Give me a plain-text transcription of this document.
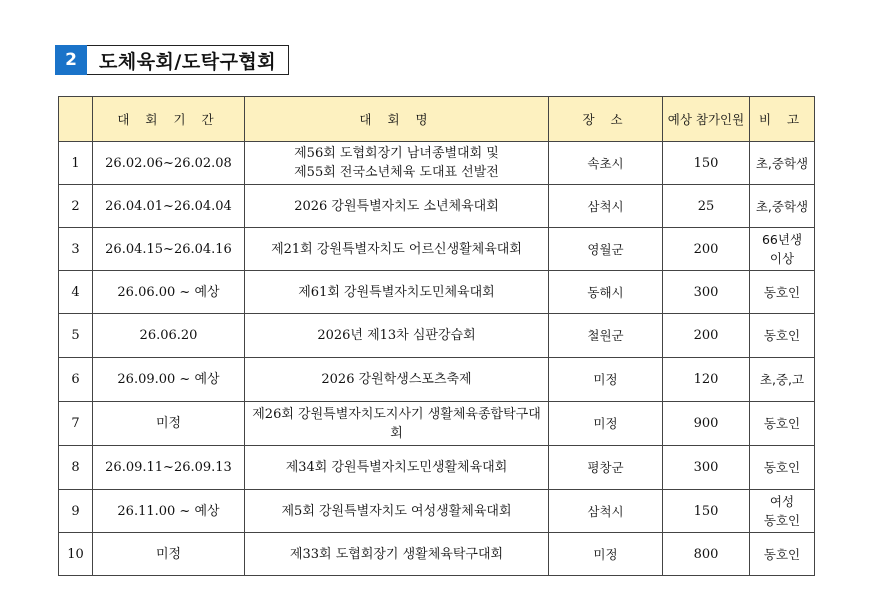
2	도체육회/도탁구협회
	대 회 기 간	대 회 명	장 소	예상 참가인원	비 고

1	26.02.06~26.02.08	제56회 도협회장기 남녀종별대회 및
제55회 전국소년체육 도대표 선발전	속초시	150	초,중학생

2	26.04.01~26.04.04	2026 강원특별자치도 소년체육대회	삼척시	25	초,중학생

3	26.04.15~26.04.16	제21회 강원특별자치도 어르신생활체육대회	영월군	200	66년생
이상

4	26.06.00 ~ 예상	제61회 강원특별자치도민체육대회	동해시	300	동호인

5	26.06.20	2026년 제13차 심판강습회	철원군	200	동호인

6	26.09.00 ~ 예상	2026 강원학생스포츠축제	미정	120	초,중,고

7	미정	제26회 강원특별자치도지사기 생활체육종합탁구대회	미정	900	동호인

8	26.09.11~26.09.13	제34회 강원특별자치도민생활체육대회	평창군	300	동호인

9	26.11.00 ~ 예상	제5회 강원특별자치도 여성생활체육대회	삼척시	150	여성
동호인

10	미정	제33회 도협회장기 생활체육탁구대회	미정	800	동호인
